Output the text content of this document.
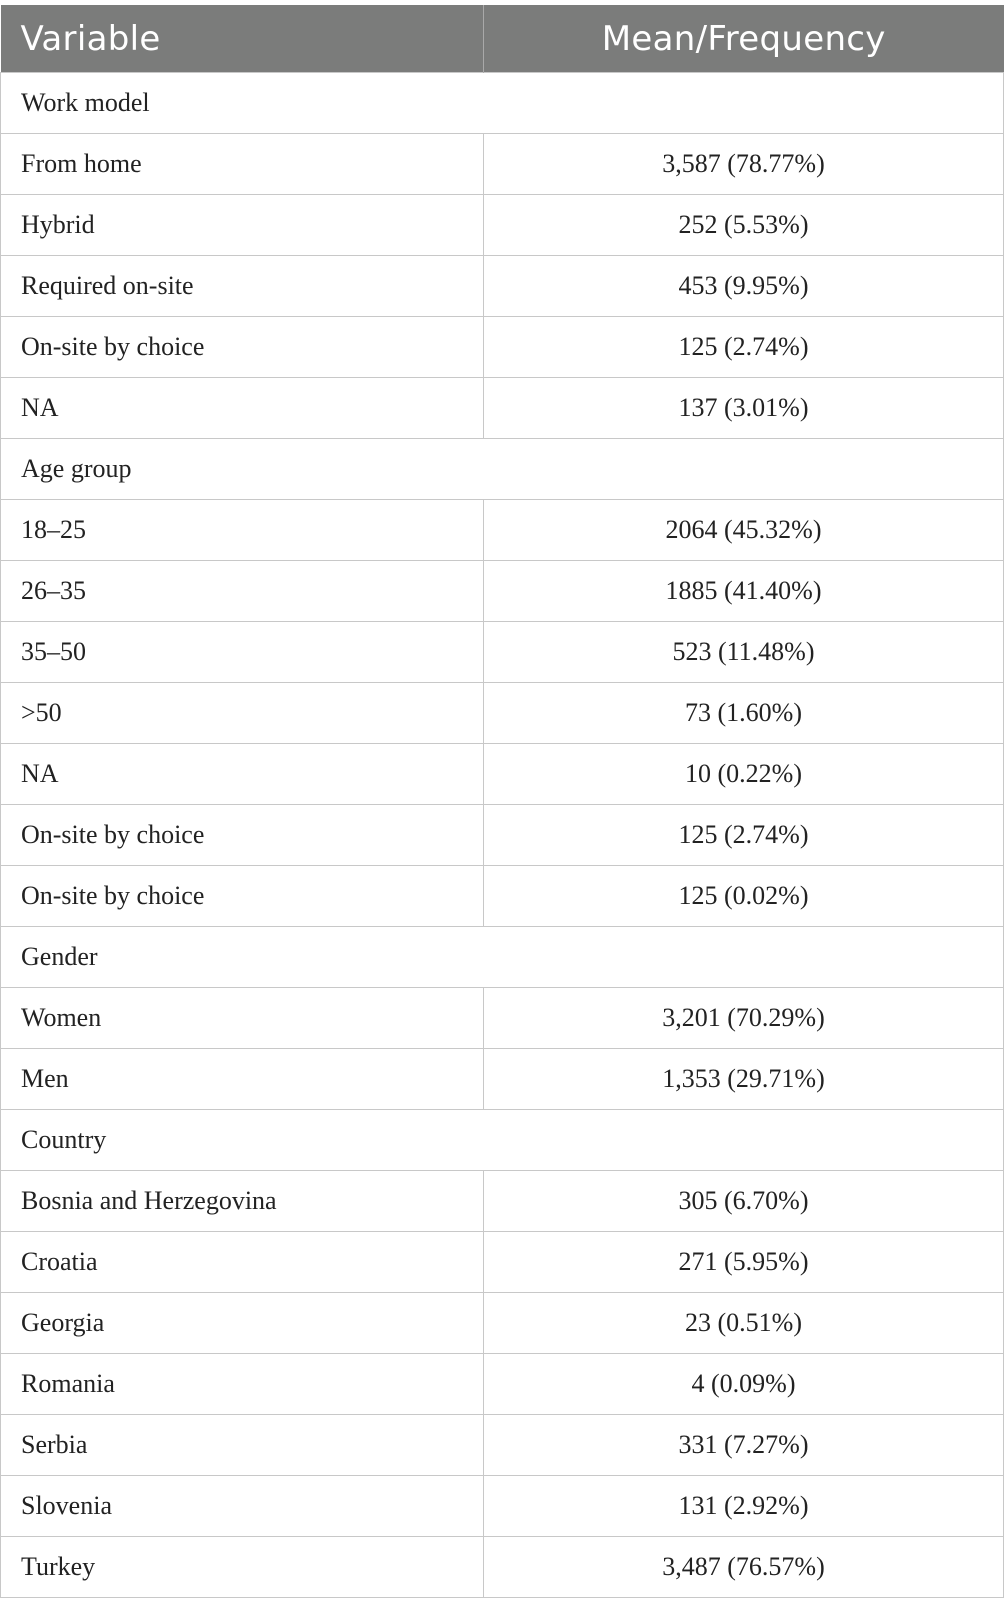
Variable	Mean/Frequency
Work model	
From home	3,587 (78.77%)
Hybrid	252 (5.53%)
Required on-site	453 (9.95%)
On-site by choice	125 (2.74%)
NA	137 (3.01%)
Age group	
18–25	2064 (45.32%)
26–35	1885 (41.40%)
35–50	523 (11.48%)
>50	73 (1.60%)
NA	10 (0.22%)
On-site by choice	125 (2.74%)
On-site by choice	125 (0.02%)
Gender	
Women	3,201 (70.29%)
Men	1,353 (29.71%)
Country	
Bosnia and Herzegovina	305 (6.70%)
Croatia	271 (5.95%)
Georgia	23 (0.51%)
Romania	4 (0.09%)
Serbia	331 (7.27%)
Slovenia	131 (2.92%)
Turkey	3,487 (76.57%)
